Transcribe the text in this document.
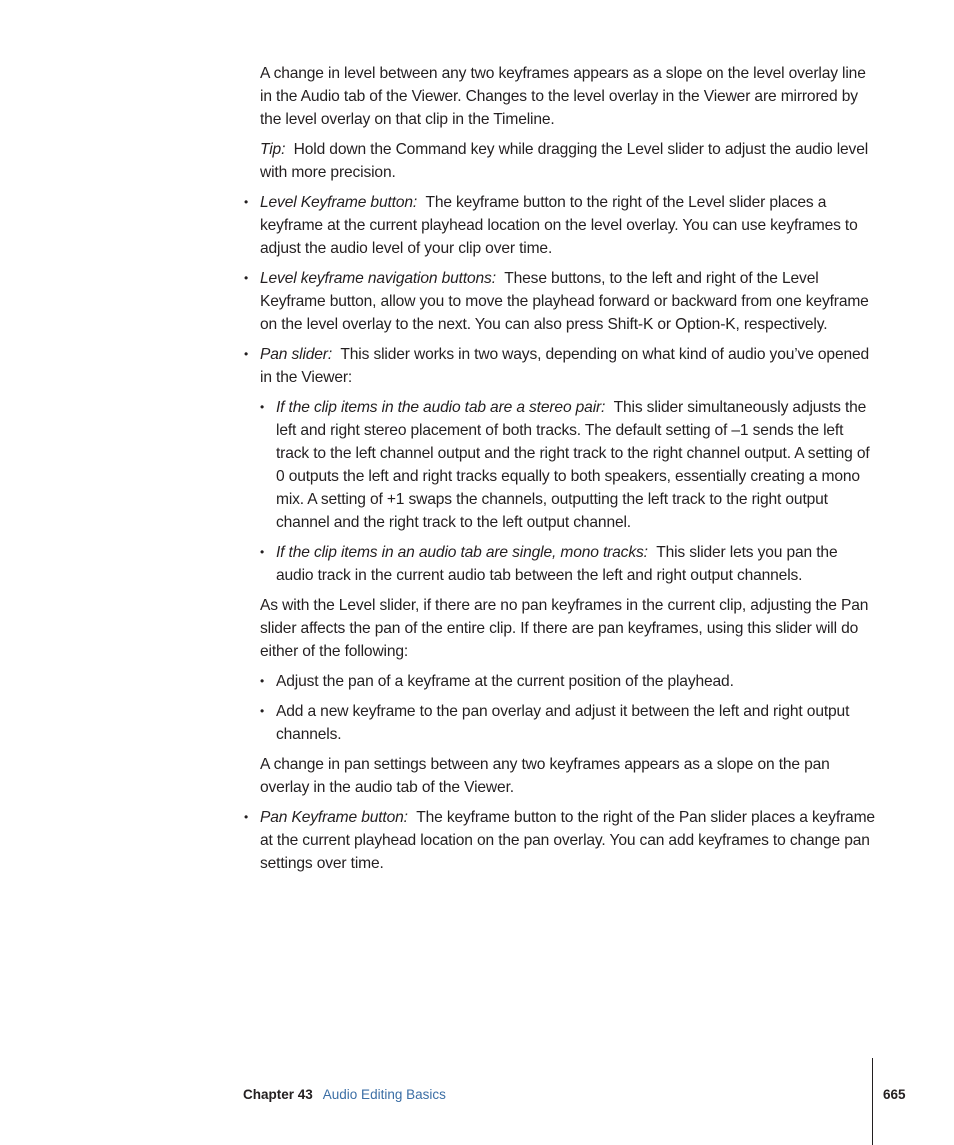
A change in level between any two keyframes appears as a slope on the level overlay line in the Audio tab of the Viewer. Changes to the level overlay in the Viewer are mirrored by the level overlay on that clip in the Timeline.

Tip: Hold down the Command key while dragging the Level slider to adjust the audio level with more precision.

• Level Keyframe button: The keyframe button to the right of the Level slider places a keyframe at the current playhead location on the level overlay. You can use keyframes to adjust the audio level of your clip over time.
• Level keyframe navigation buttons: These buttons, to the left and right of the Level Keyframe button, allow you to move the playhead forward or backward from one keyframe on the level overlay to the next. You can also press Shift-K or Option-K, respectively.
• Pan slider: This slider works in two ways, depending on what kind of audio you’ve opened in the Viewer:
• If the clip items in the audio tab are a stereo pair: This slider simultaneously adjusts the left and right stereo placement of both tracks. The default setting of –1 sends the left track to the left channel output and the right track to the right channel output. A setting of 0 outputs the left and right tracks equally to both speakers, essentially creating a mono mix. A setting of +1 swaps the channels, outputting the left track to the right output channel and the right track to the left output channel.
• If the clip items in an audio tab are single, mono tracks: This slider lets you pan the audio track in the current audio tab between the left and right output channels.

As with the Level slider, if there are no pan keyframes in the current clip, adjusting the Pan slider affects the pan of the entire clip. If there are pan keyframes, using this slider will do either of the following:

• Adjust the pan of a keyframe at the current position of the playhead.
• Add a new keyframe to the pan overlay and adjust it between the left and right output channels.

A change in pan settings between any two keyframes appears as a slope on the pan overlay in the audio tab of the Viewer.

• Pan Keyframe button: The keyframe button to the right of the Pan slider places a keyframe at the current playhead location on the pan overlay. You can add keyframes to change pan settings over time.
Chapter 43 Audio Editing Basics	665
